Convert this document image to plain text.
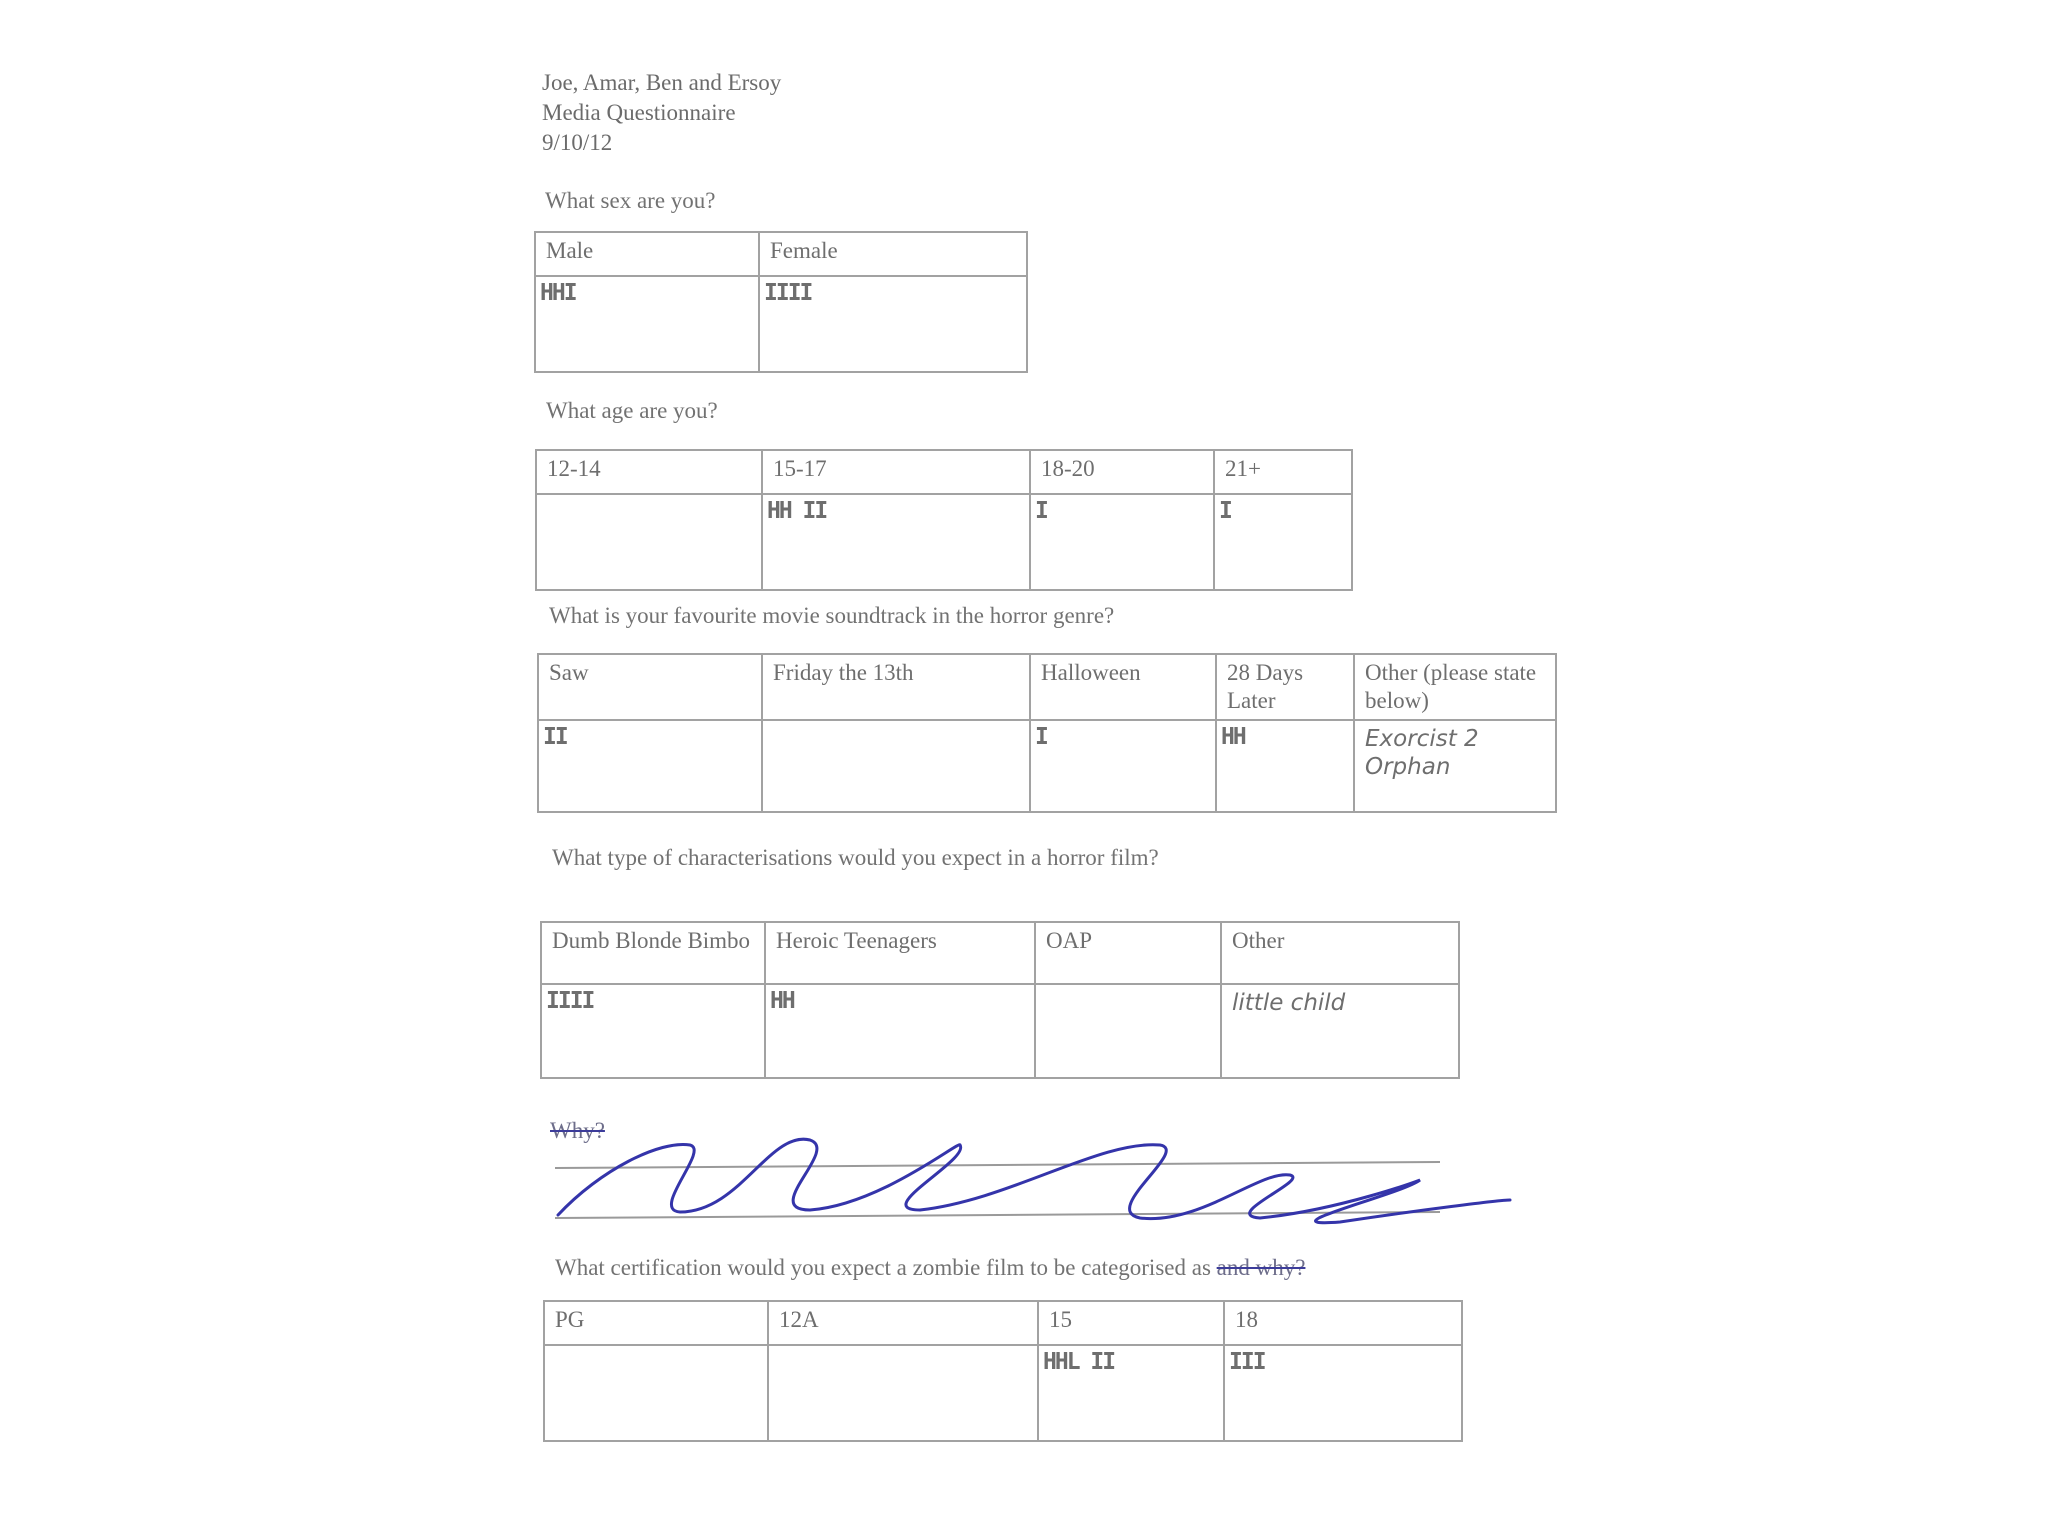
Joe, Amar, Ben and Ersoy
Media Questionnaire
9/10/12
What sex are you?
Male	Female
HHI	IIII
What age are you?
12-14	15-17	18-20	21+
	HH II	I	I
What is your favourite movie soundtrack in the horror genre?
Saw	Friday the 13th	Halloween	28 Days Later	Other (please state below)
II		I	HH	Exorcist 2
Orphan
What type of characterisations would you expect in a horror film?
Dumb Blonde Bimbo	Heroic Teenagers	OAP	Other
IIII	HH		little child
Why?
What certification would you expect a zombie film to be categorised as and why?
PG	12A	15	18
		HHL II	III
